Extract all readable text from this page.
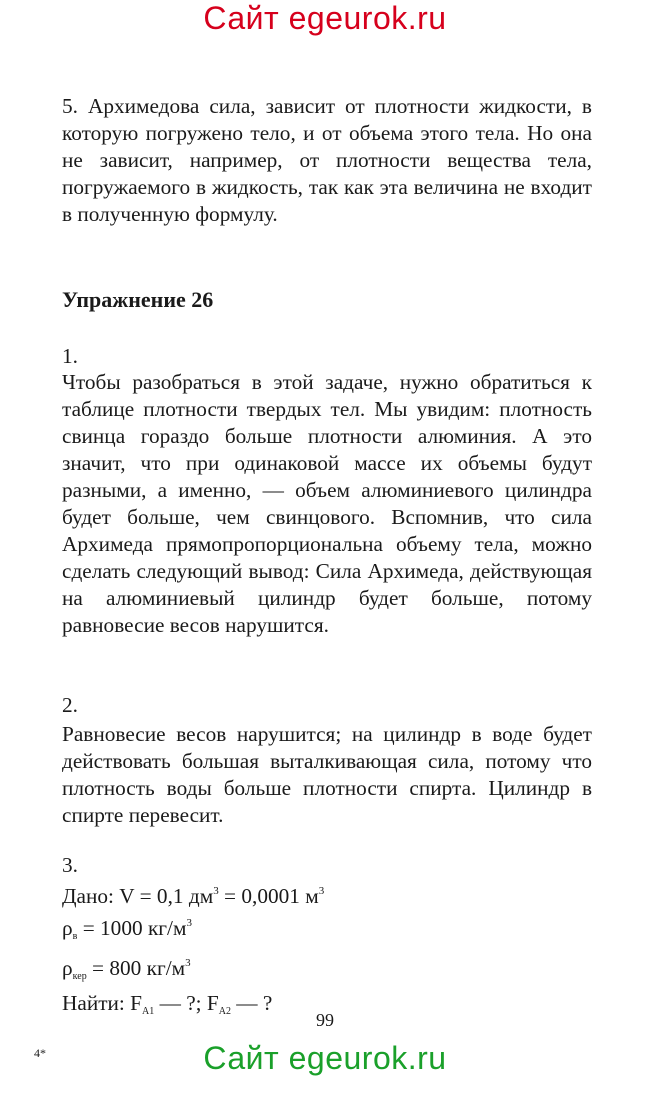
Сайт egeurok.ru

5. Архимедова сила, зависит от плотности жидкости, в которую погружено тело, и от объема этого тела. Но она не зависит, например, от плотности вещества тела, погружаемого в жидкость, так как эта величина не входит в полученную формулу.

Упражнение 26
1.

Чтобы разобраться в этой задаче, нужно обратиться к таблице плотности твердых тел. Мы увидим: плотность свинца гораздо больше плотности алюминия. А это значит, что при одинаковой массе их объемы будут разными, а именно, — объем алюминиевого цилиндра будет больше, чем свинцового. Вспомнив, что сила Архимеда прямопропорциональна объему тела, можно сделать следующий вывод: Сила Архимеда, действующая на алюминиевый цилиндр будет больше, потому равновесие весов нарушится.

2.

Равновесие весов нарушится; на цилиндр в воде будет действовать большая выталкивающая сила, потому что плотность воды больше плотности спирта. Цилиндр в спирте перевесит.

3.
Дано: V = 0,1 $дм^3 = 0,0001$ $м^3$
$\rho_в = 1000$ $кг/м^3$
$\rho_{кер} = 800$ $кг/м^3$
Найти: $F_{A1}$ — ?; $F_{A2}$ — ?
99
4*	Сайт egeurok.ru
